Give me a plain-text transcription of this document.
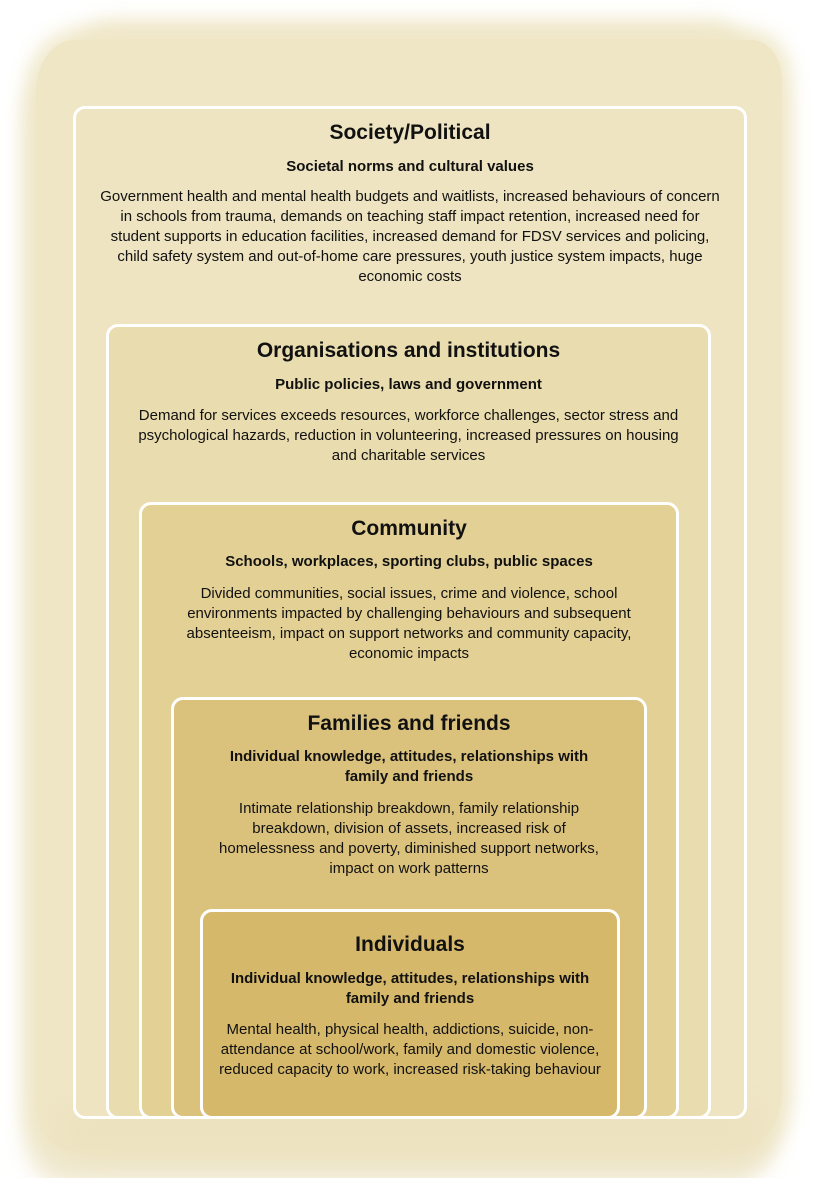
Society/Political
Societal norms and cultural values
Government health and mental health budgets and waitlists, increased behaviours of concern in schools from trauma, demands on teaching staff impact retention, increased need for student supports in education facilities, increased demand for FDSV services and policing, child safety system and out-of-home care pressures, youth justice system impacts, huge economic costs
Organisations and institutions
Public policies, laws and government
Demand for services exceeds resources, workforce challenges, sector stress and psychological hazards, reduction in volunteering, increased pressures on housing and charitable services
Community
Schools, workplaces, sporting clubs, public spaces
Divided communities, social issues, crime and violence, school environments impacted by challenging behaviours and subsequent absenteeism, impact on support networks and community capacity, economic impacts
Families and friends
Individual knowledge, attitudes, relationships with family and friends
Intimate relationship breakdown, family relationship breakdown, division of assets, increased risk of homelessness and poverty, diminished support networks, impact on work patterns
Individuals
Individual knowledge, attitudes, relationships with family and friends
Mental health, physical health, addictions, suicide, non-attendance at school/work, family and domestic violence, reduced capacity to work, increased risk-taking behaviour
